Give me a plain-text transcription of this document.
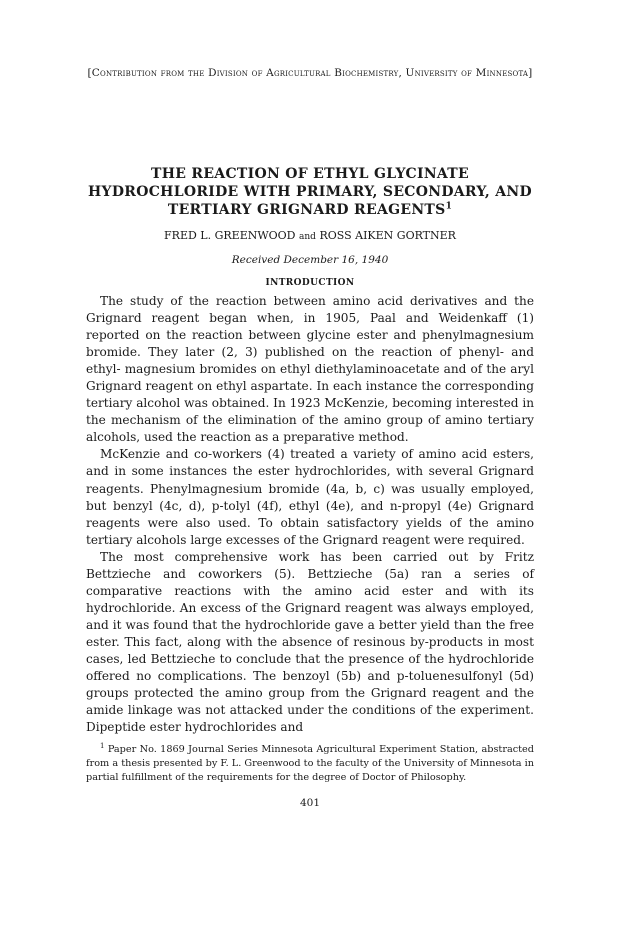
[Contribution from the Division of Agricultural Biochemistry, University of Minnesota]

THE REACTION OF ETHYL GLYCINATE HYDROCHLORIDE WITH PRIMARY, SECONDARY, AND TERTIARY GRIGNARD REAGENTS$^1$

FRED L. GREENWOOD and ROSS AIKEN GORTNER

Received December 16, 1940

INTRODUCTION

The study of the reaction between amino acid derivatives and the Grignard reagent began when, in 1905, Paal and Weidenkaff (1) reported on the reaction between glycine ester and phenylmagnesium bromide. They later (2, 3) published on the reaction of phenyl- and ethyl- magnesium bromides on ethyl diethylaminoacetate and of the aryl Grignard reagent on ethyl aspartate. In each instance the corresponding tertiary alcohol was obtained. In 1923 McKenzie, becoming interested in the mechanism of the elimination of the amino group of amino tertiary alcohols, used the reaction as a preparative method.

McKenzie and co-workers (4) treated a variety of amino acid esters, and in some instances the ester hydrochlorides, with several Grignard reagents. Phenylmagnesium bromide (4a, b, c) was usually employed, but benzyl (4c, d), p-tolyl (4f), ethyl (4e), and n-propyl (4e) Grignard reagents were also used. To obtain satisfactory yields of the amino tertiary alcohols large excesses of the Grignard reagent were required.

The most comprehensive work has been carried out by Fritz Bettzieche and coworkers (5). Bettzieche (5a) ran a series of comparative reactions with the amino acid ester and with its hydrochloride. An excess of the Grignard reagent was always employed, and it was found that the hydrochloride gave a better yield than the free ester. This fact, along with the absence of resinous by-products in most cases, led Bettzieche to conclude that the presence of the hydrochloride offered no complications. The benzoyl (5b) and p-toluenesulfonyl (5d) groups protected the amino group from the Grignard reagent and the amide linkage was not attacked under the conditions of the experiment. Dipeptide ester hydrochlorides and

$^1$ Paper No. 1869 Journal Series Minnesota Agricultural Experiment Station, abstracted from a thesis presented by F. L. Greenwood to the faculty of the University of Minnesota in partial fulfillment of the requirements for the degree of Doctor of Philosophy.

401
